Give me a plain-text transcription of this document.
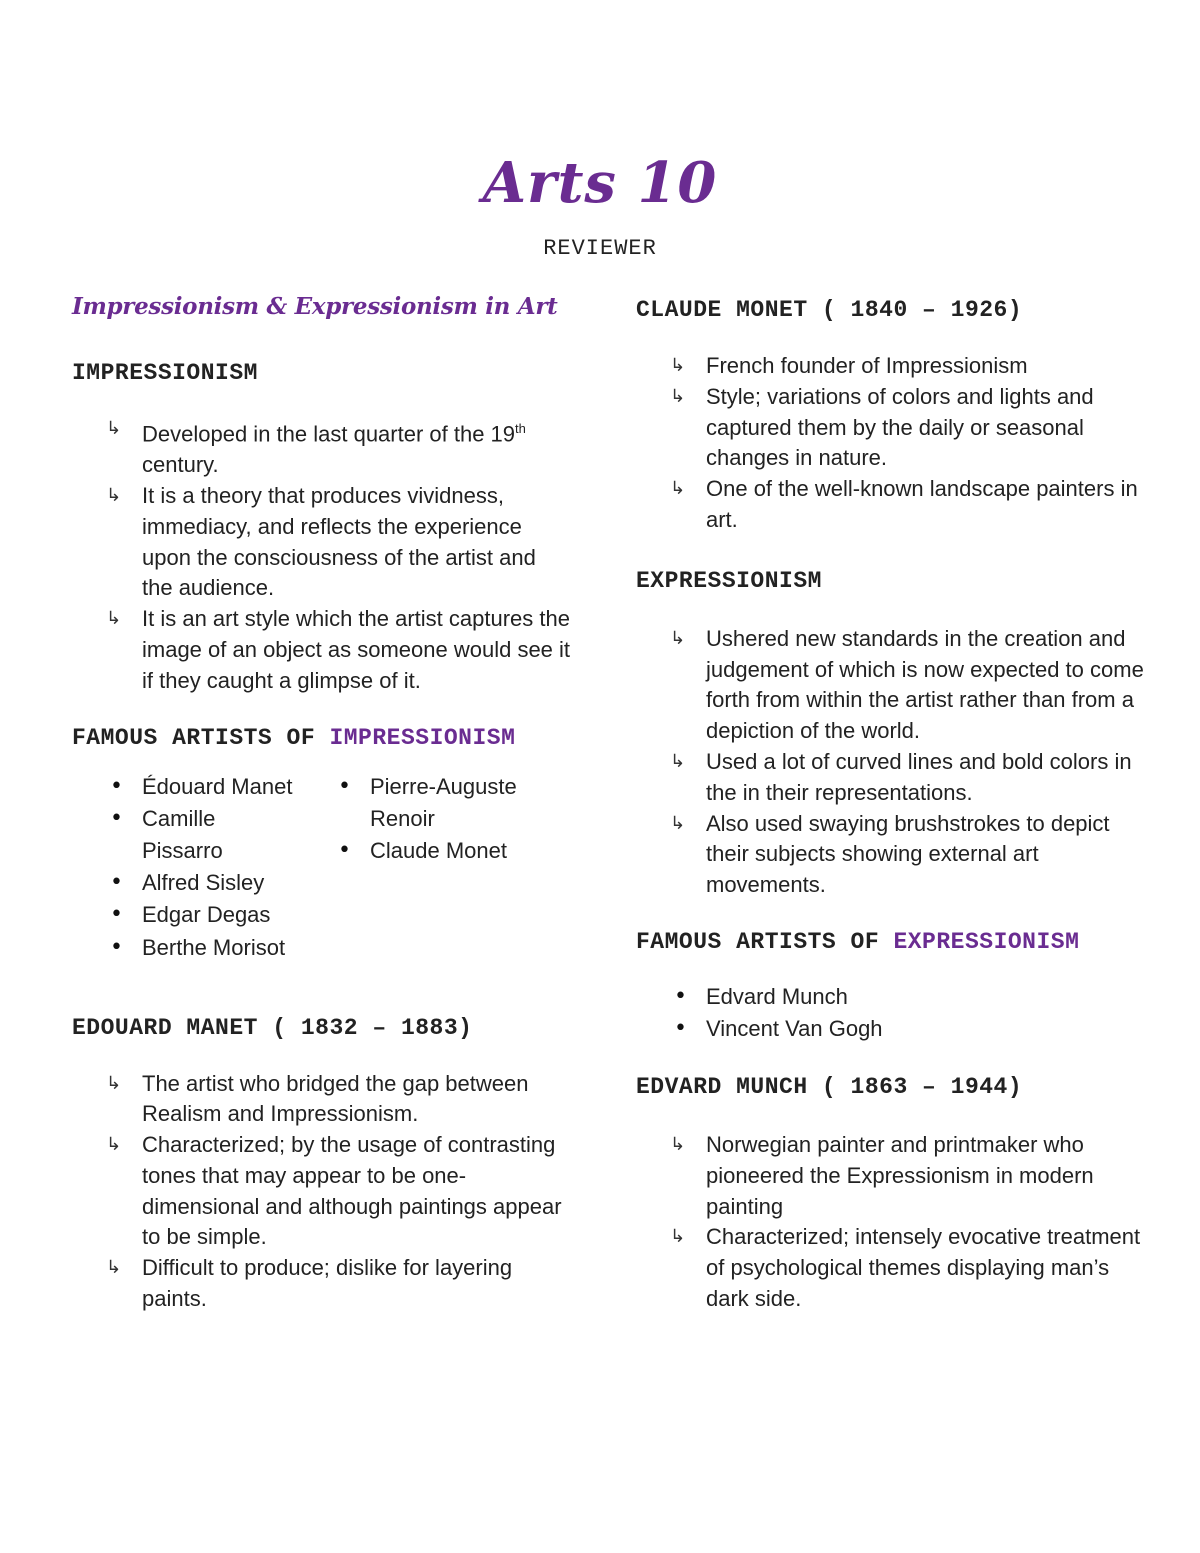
Arts 10
REVIEWER
Impressionism & Expressionism in Art
IMPRESSIONISM
↳ Developed in the last quarter of the 19th century.
↳ It is a theory that produces vividness, immediacy, and reflects the experience upon the consciousness of the artist and the audience.
↳ It is an art style which the artist captures the image of an object as someone would see it if they caught a glimpse of it.
FAMOUS ARTISTS OF IMPRESSIONISM
• Édouard Manet
• Camille Pissarro
• Alfred Sisley
• Edgar Degas
• Berthe Morisot
• Pierre-Auguste Renoir
• Claude Monet
EDOUARD MANET ( 1832 – 1883)
↳ The artist who bridged the gap between Realism and Impressionism.
↳ Characterized; by the usage of contrasting tones that may appear to be one-dimensional and although paintings appear to be simple.
↳ Difficult to produce; dislike for layering paints.
CLAUDE MONET ( 1840 – 1926)
↳ French founder of Impressionism
↳ Style; variations of colors and lights and captured them by the daily or seasonal changes in nature.
↳ One of the well-known landscape painters in art.
EXPRESSIONISM
↳ Ushered new standards in the creation and judgement of which is now expected to come forth from within the artist rather than from a depiction of the world.
↳ Used a lot of curved lines and bold colors in the in their representations.
↳ Also used swaying brushstrokes to depict their subjects showing external art movements.
FAMOUS ARTISTS OF EXPRESSIONISM
• Edvard Munch
• Vincent Van Gogh
EDVARD MUNCH ( 1863 – 1944)
↳ Norwegian painter and printmaker who pioneered the Expressionism in modern painting
↳ Characterized; intensely evocative treatment of psychological themes displaying man’s dark side.
